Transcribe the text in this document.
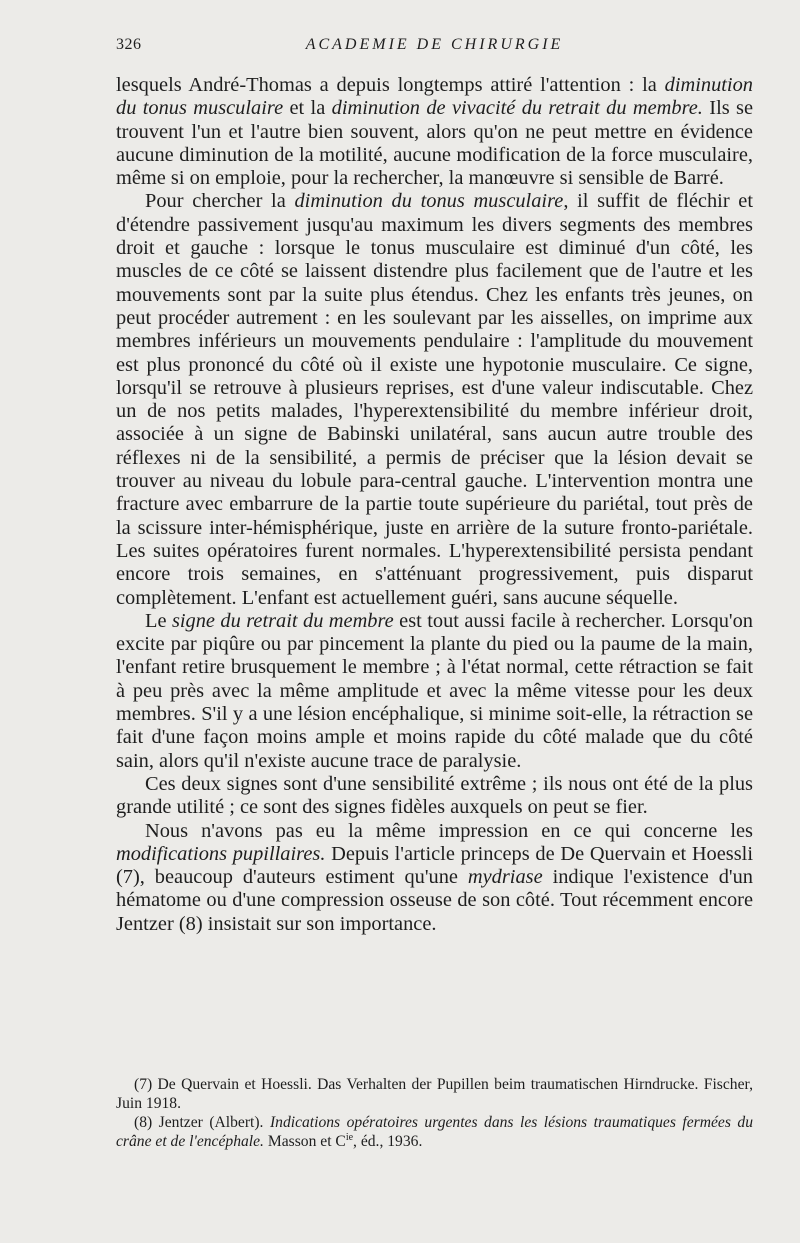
326	ACADEMIE DE CHIRURGIE

lesquels André-Thomas a depuis longtemps attiré l'attention : la diminution du tonus musculaire et la diminution de vivacité du retrait du membre. Ils se trouvent l'un et l'autre bien souvent, alors qu'on ne peut mettre en évidence aucune diminution de la motilité, aucune modification de la force musculaire, même si on emploie, pour la rechercher, la manœuvre si sensible de Barré.

Pour chercher la diminution du tonus musculaire, il suffit de fléchir et d'étendre passivement jusqu'au maximum les divers segments des membres droit et gauche : lorsque le tonus musculaire est diminué d'un côté, les muscles de ce côté se laissent distendre plus facilement que de l'autre et les mouvements sont par la suite plus étendus. Chez les enfants très jeunes, on peut procéder autrement : en les soulevant par les aisselles, on imprime aux membres inférieurs un mouvements pendulaire : l'amplitude du mouvement est plus prononcé du côté où il existe une hypotonie musculaire. Ce signe, lorsqu'il se retrouve à plusieurs reprises, est d'une valeur indiscutable. Chez un de nos petits malades, l'hyperextensibilité du membre inférieur droit, associée à un signe de Babinski unilatéral, sans aucun autre trouble des réflexes ni de la sensibilité, a permis de préciser que la lésion devait se trouver au niveau du lobule para-central gauche. L'intervention montra une fracture avec embarrure de la partie toute supérieure du pariétal, tout près de la scissure inter-hémisphérique, juste en arrière de la suture fronto-pariétale. Les suites opératoires furent normales. L'hyperextensibilité persista pendant encore trois semaines, en s'atténuant progressivement, puis disparut complètement. L'enfant est actuellement guéri, sans aucune séquelle.

Le signe du retrait du membre est tout aussi facile à rechercher. Lorsqu'on excite par piqûre ou par pincement la plante du pied ou la paume de la main, l'enfant retire brusquement le membre ; à l'état normal, cette rétraction se fait à peu près avec la même amplitude et avec la même vitesse pour les deux membres. S'il y a une lésion encéphalique, si minime soit-elle, la rétraction se fait d'une façon moins ample et moins rapide du côté malade que du côté sain, alors qu'il n'existe aucune trace de paralysie.

Ces deux signes sont d'une sensibilité extrême ; ils nous ont été de la plus grande utilité ; ce sont des signes fidèles auxquels on peut se fier.

Nous n'avons pas eu la même impression en ce qui concerne les modifications pupillaires. Depuis l'article princeps de De Quervain et Hoessli (7), beaucoup d'auteurs estiment qu'une mydriase indique l'existence d'un hématome ou d'une compression osseuse de son côté. Tout récemment encore Jentzer (8) insistait sur son importance.

(7) De Quervain et Hoessli. Das Verhalten der Pupillen beim traumatischen Hirndrucke. Fischer, Juin 1918.

(8) Jentzer (Albert). Indications opératoires urgentes dans les lésions traumatiques fermées du crâne et de l'encéphale. Masson et $C^{ie}$, éd., 1936.
